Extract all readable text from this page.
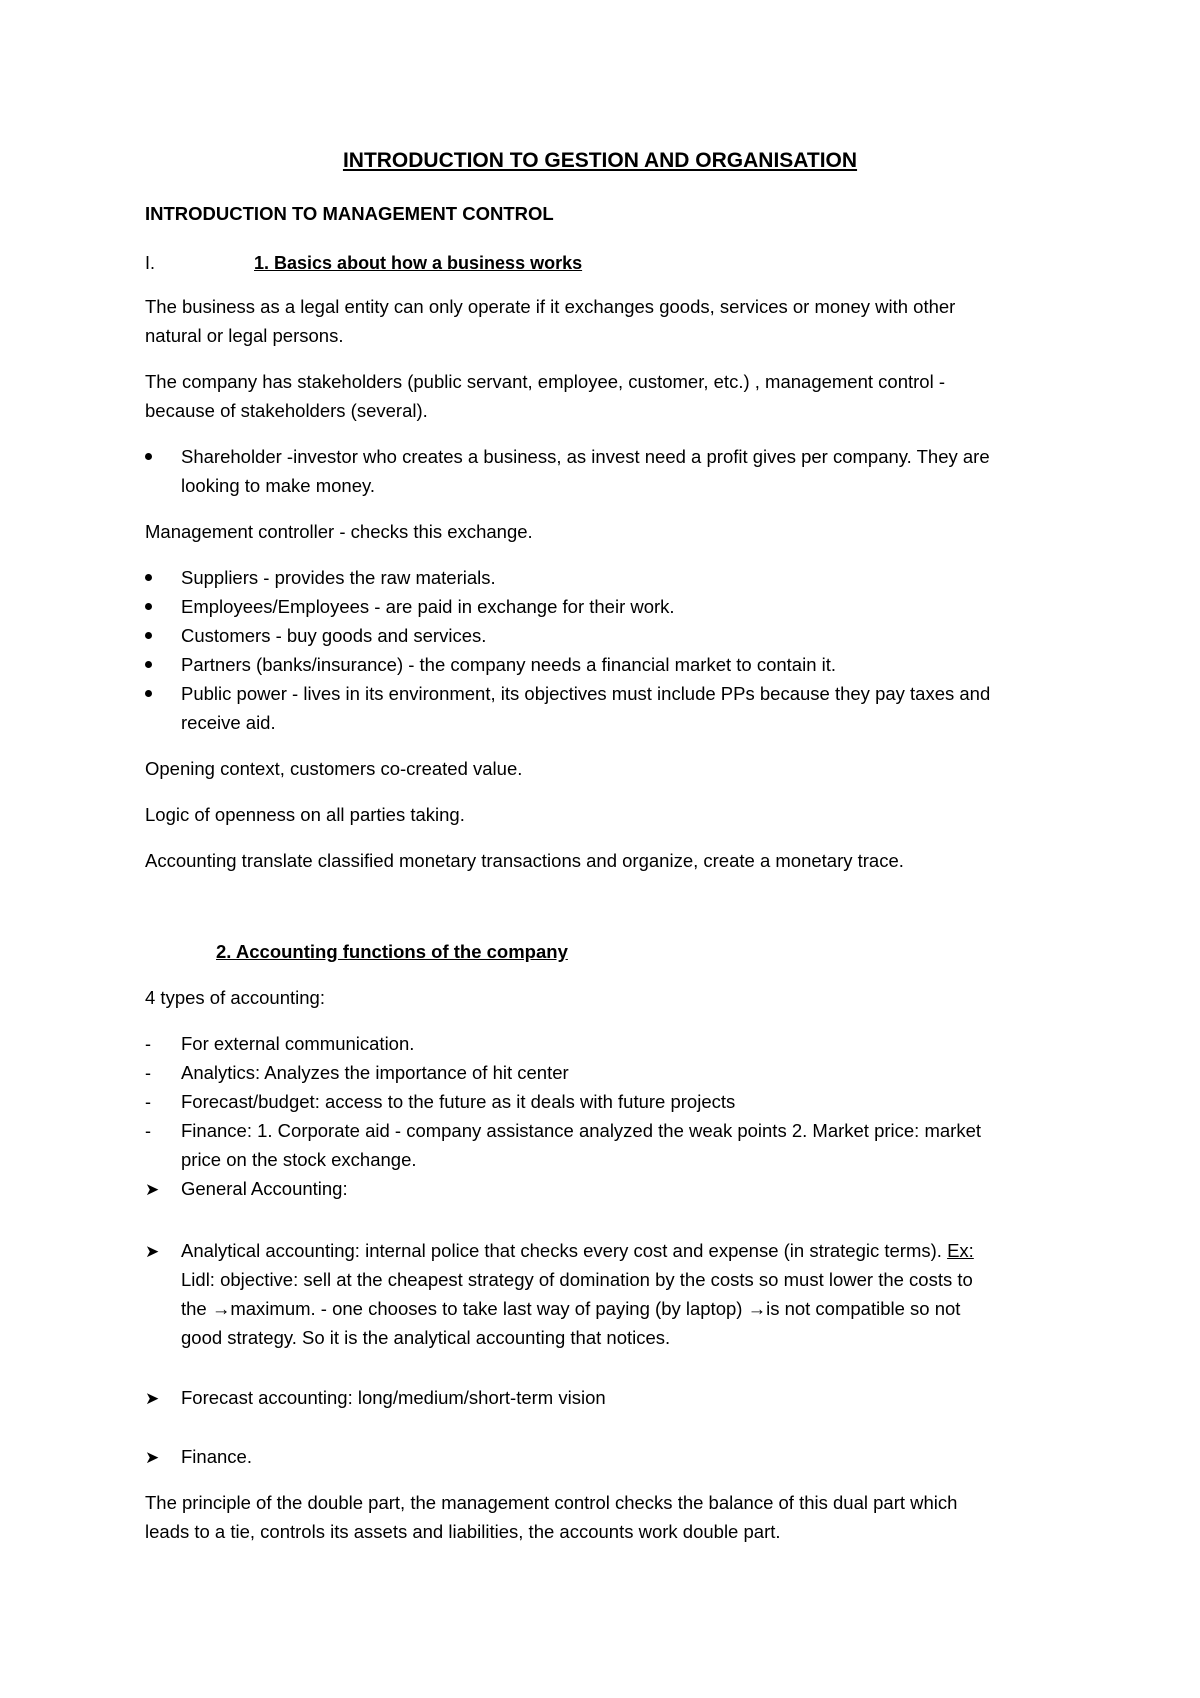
INTRODUCTION TO GESTION AND ORGANISATION
INTRODUCTION TO MANAGEMENT CONTROL
I.	1. Basics about how a business works
The business as a legal entity can only operate if it exchanges goods, services or money with other
natural or legal persons.
The company has stakeholders (public servant, employee, customer, etc.) , management control -
because of stakeholders (several).
Shareholder -investor who creates a business, as invest need a profit gives per company. They are
looking to make money.
Management controller - checks this exchange.
Suppliers - provides the raw materials.
Employees/Employees - are paid in exchange for their work.
Customers - buy goods and services.
Partners (banks/insurance) - the company needs a financial market to contain it.
Public power - lives in its environment, its objectives must include PPs because they pay taxes and
receive aid.
Opening context, customers co-created value.
Logic of openness on all parties taking.
Accounting translate classified monetary transactions and organize, create a monetary trace.
2. Accounting functions of the company
4 types of accounting:
-	For external communication.
-	Analytics: Analyzes the importance of hit center
-	Forecast/budget: access to the future as it deals with future projects
-	Finance: 1. Corporate aid - company assistance analyzed the weak points 2. Market price: market
price on the stock exchange.
➤	General Accounting:
➤	Analytical accounting: internal police that checks every cost and expense (in strategic terms). Ex:
Lidl: objective: sell at the cheapest strategy of domination by the costs so must lower the costs to
the →maximum. - one chooses to take last way of paying (by laptop) →is not compatible so not
good strategy. So it is the analytical accounting that notices.
➤	Forecast accounting: long/medium/short-term vision
➤	Finance.
The principle of the double part, the management control checks the balance of this dual part which
leads to a tie, controls its assets and liabilities, the accounts work double part.
